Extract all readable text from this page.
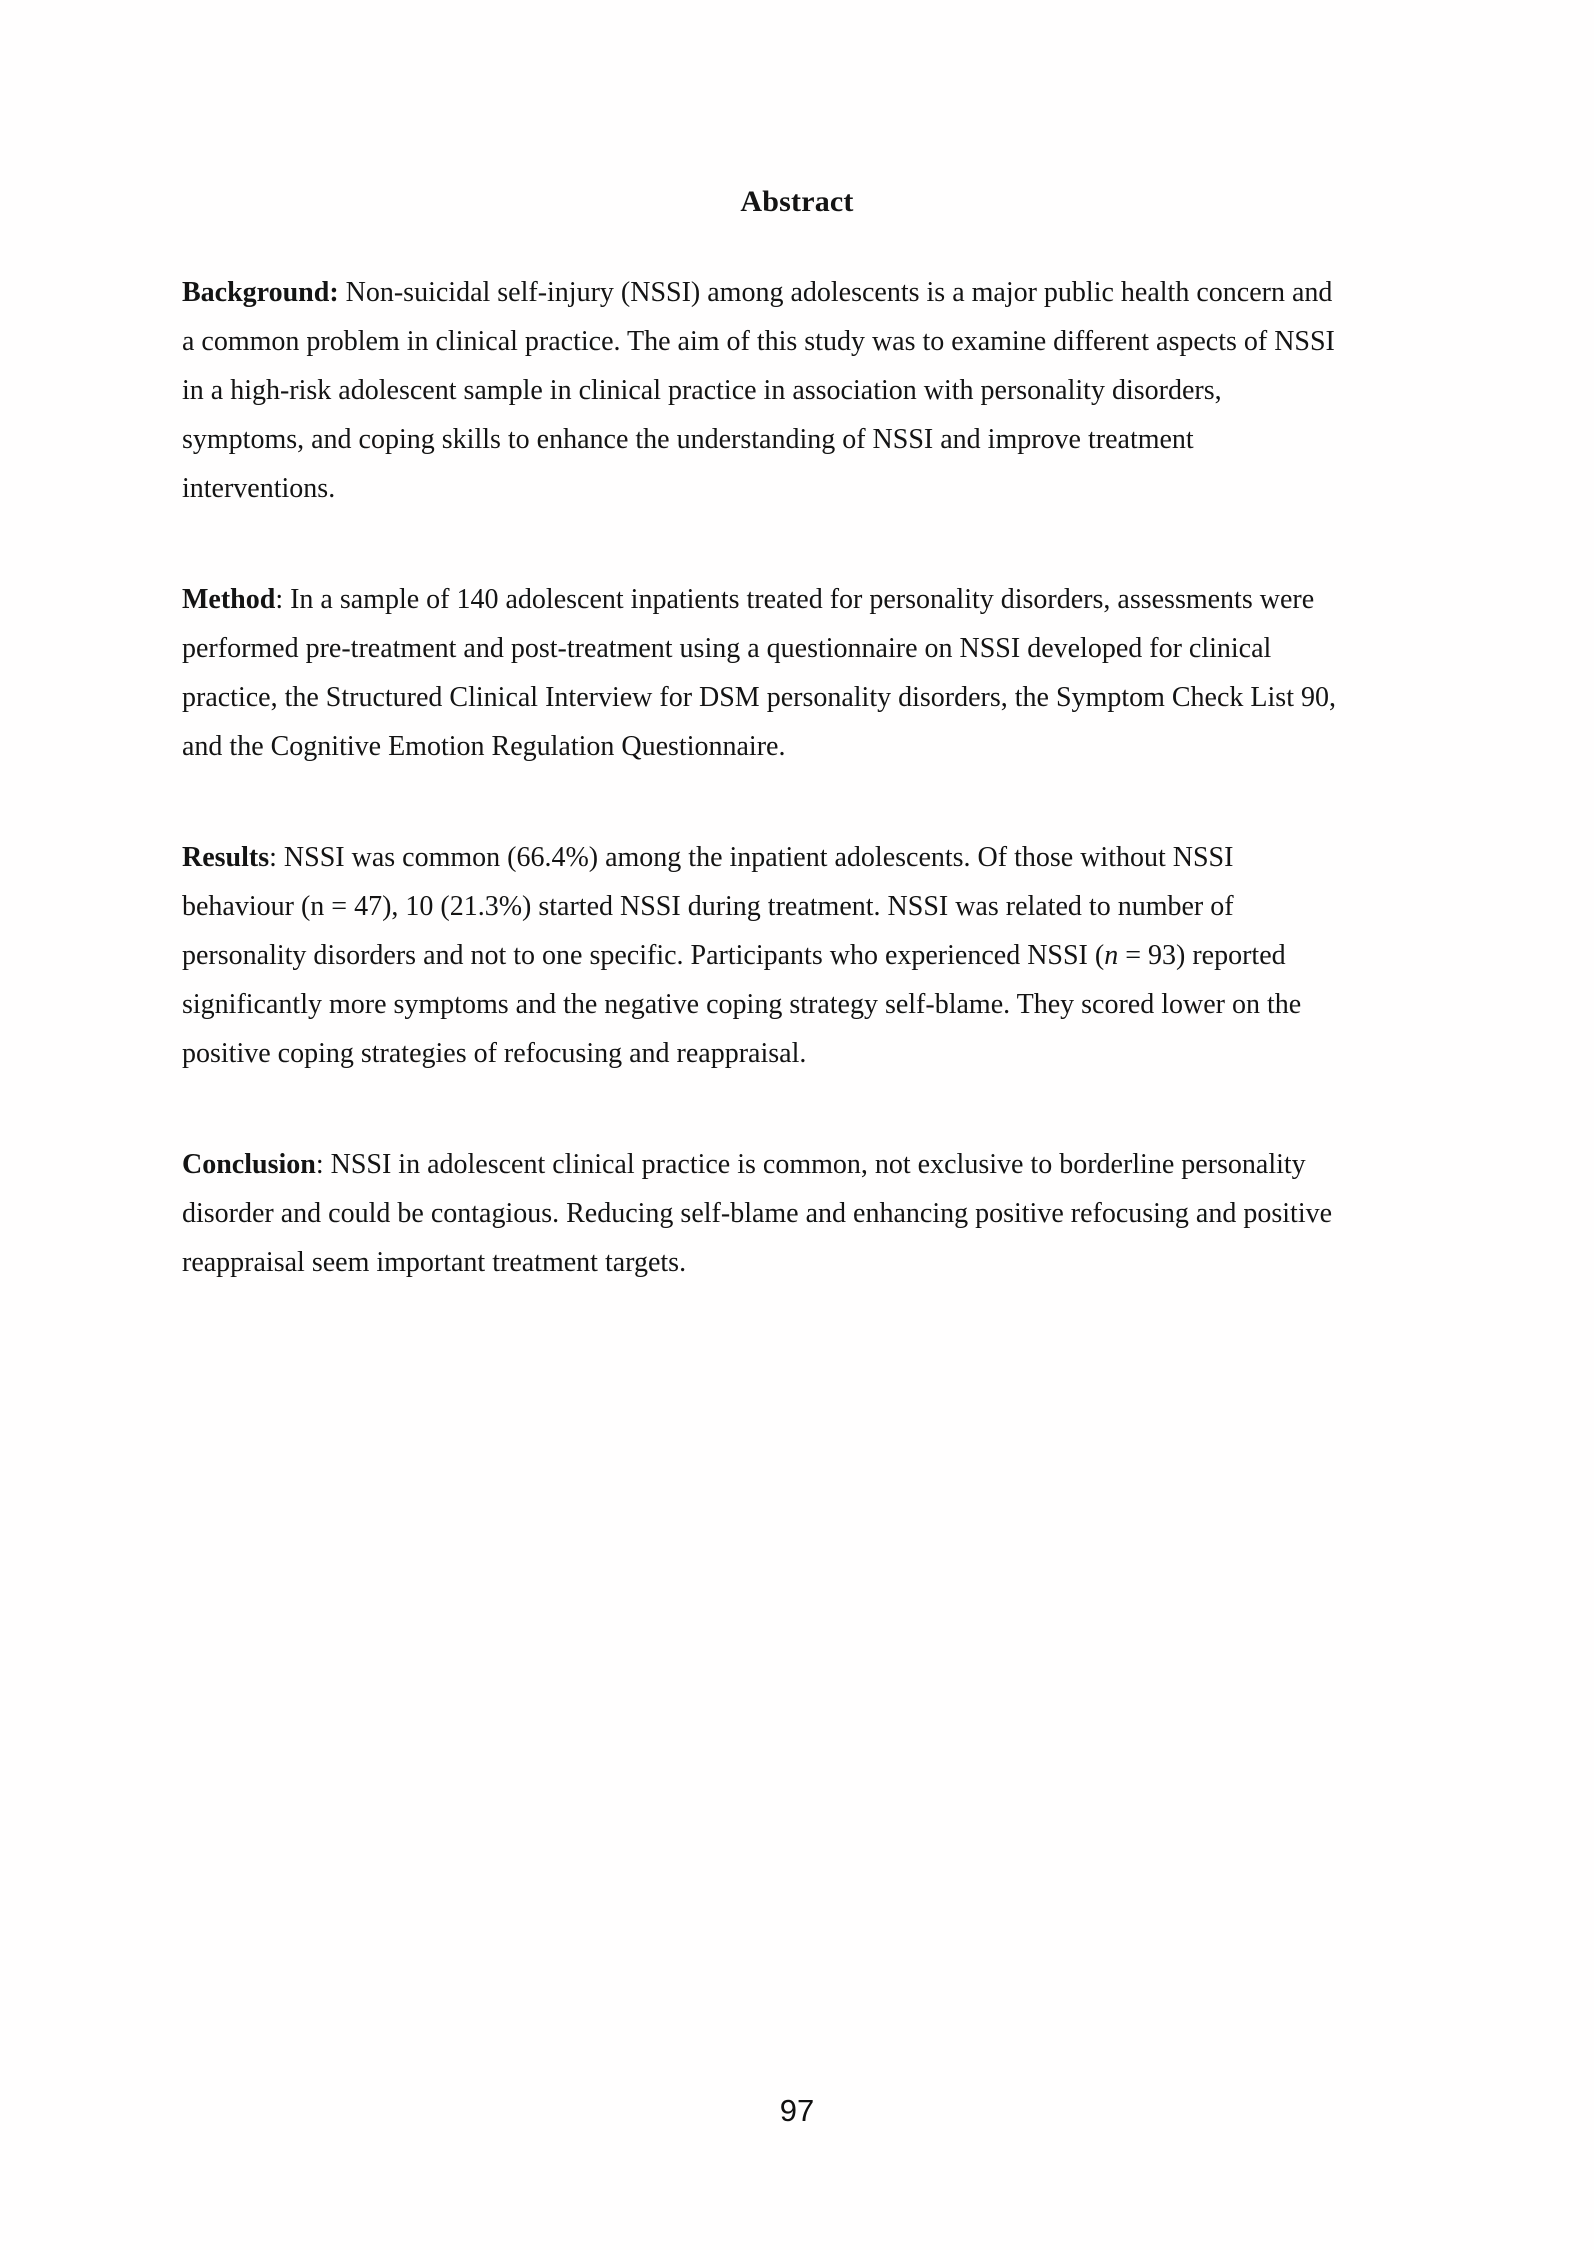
Abstract
Background: Non-suicidal self-injury (NSSI) among adolescents is a major public health concern and
a common problem in clinical practice. The aim of this study was to examine different aspects of NSSI
in a high-risk adolescent sample in clinical practice in association with personality disorders,
symptoms, and coping skills to enhance the understanding of NSSI and improve treatment
interventions.
Method: In a sample of 140 adolescent inpatients treated for personality disorders, assessments were
performed pre-treatment and post-treatment using a questionnaire on NSSI developed for clinical
practice, the Structured Clinical Interview for DSM personality disorders, the Symptom Check List 90,
and the Cognitive Emotion Regulation Questionnaire.
Results: NSSI was common (66.4%) among the inpatient adolescents. Of those without NSSI
behaviour (n = 47), 10 (21.3%) started NSSI during treatment. NSSI was related to number of
personality disorders and not to one specific. Participants who experienced NSSI (n = 93) reported
significantly more symptoms and the negative coping strategy self-blame. They scored lower on the
positive coping strategies of refocusing and reappraisal.
Conclusion: NSSI in adolescent clinical practice is common, not exclusive to borderline personality
disorder and could be contagious. Reducing self-blame and enhancing positive refocusing and positive
reappraisal seem important treatment targets.
97
